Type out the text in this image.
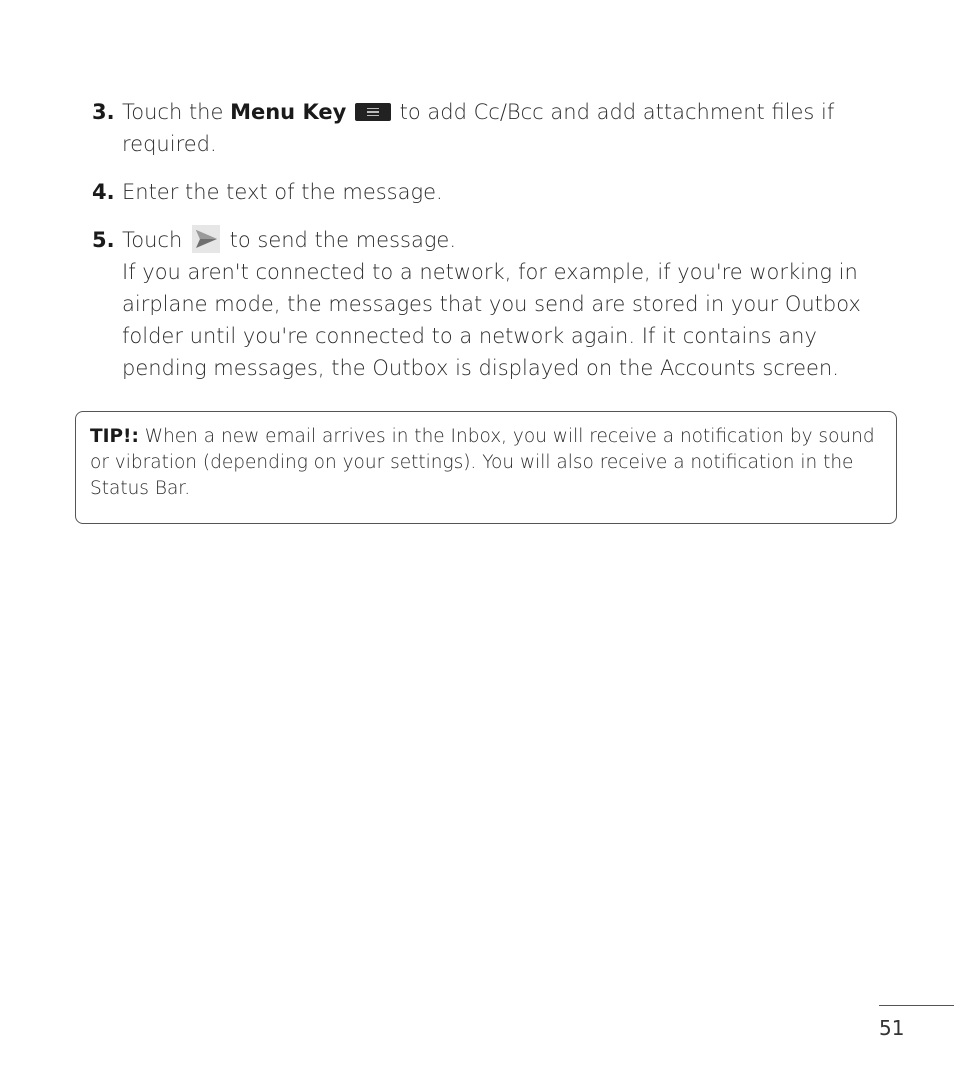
3. Touch the Menu Key  to add Cc/Bcc and add attachment files if required.
4. Enter the text of the message.
5. Touch  to send the message.
If you aren't connected to a network, for example, if you're working in airplane mode, the messages that you send are stored in your Outbox folder until you're connected to a network again. If it contains any pending messages, the Outbox is displayed on the Accounts screen.
TIP!: When a new email arrives in the Inbox, you will receive a notification by sound or vibration (depending on your settings). You will also receive a notification in the Status Bar.
51
